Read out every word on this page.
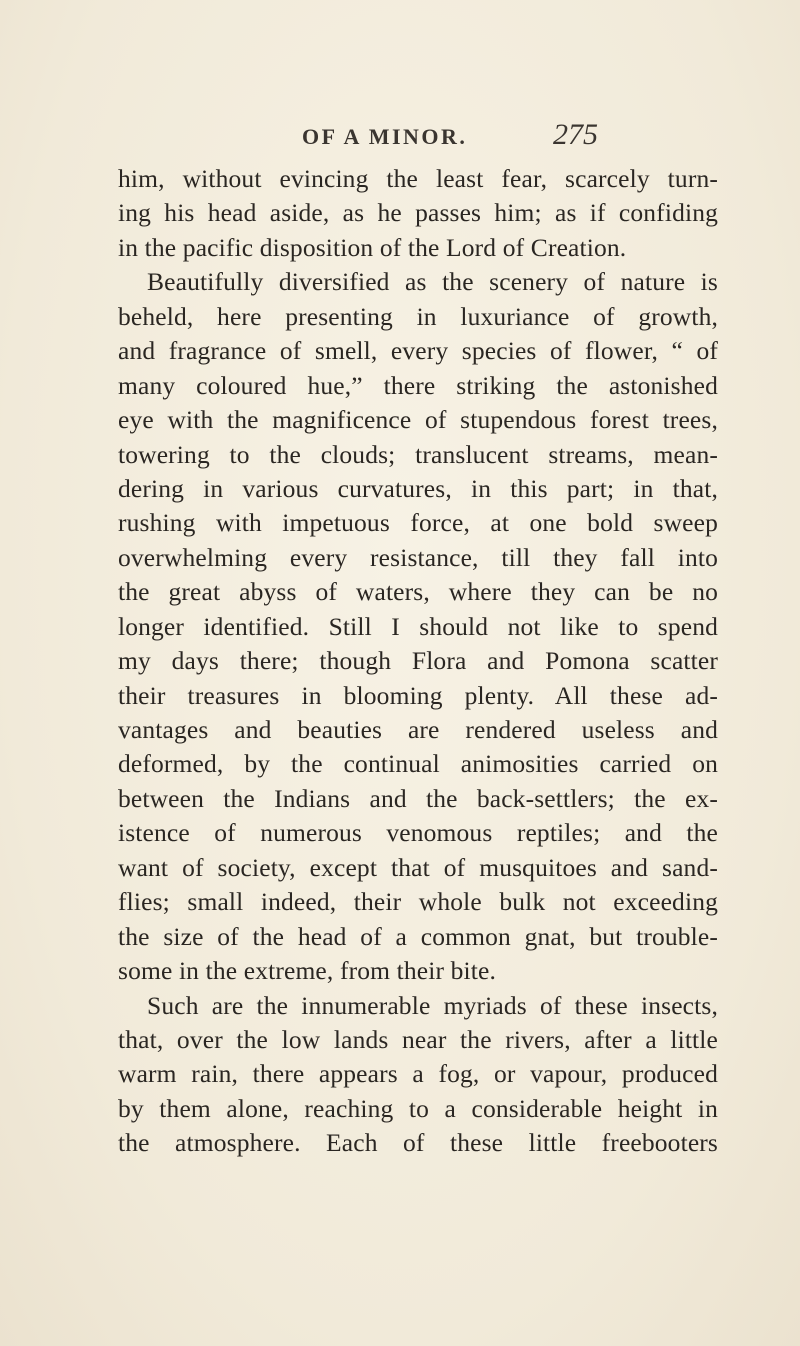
OF A MINOR.	275
him, without evincing the least fear, scarcely turn-
ing his head aside, as he passes him; as if confiding
in the pacific disposition of the Lord of Creation.
Beautifully diversified as the scenery of nature is
beheld, here presenting in luxuriance of growth,
and fragrance of smell, every species of flower, “ of
many coloured hue,” there striking the astonished
eye with the magnificence of stupendous forest trees,
towering to the clouds; translucent streams, mean-
dering in various curvatures, in this part; in that,
rushing with impetuous force, at one bold sweep
overwhelming every resistance, till they fall into
the great abyss of waters, where they can be no
longer identified. Still I should not like to spend
my days there; though Flora and Pomona scatter
their treasures in blooming plenty. All these ad-
vantages and beauties are rendered useless and
deformed, by the continual animosities carried on
between the Indians and the back-settlers; the ex-
istence of numerous venomous reptiles; and the
want of society, except that of musquitoes and sand-
flies; small indeed, their whole bulk not exceeding
the size of the head of a common gnat, but trouble-
some in the extreme, from their bite.
Such are the innumerable myriads of these insects,
that, over the low lands near the rivers, after a little
warm rain, there appears a fog, or vapour, produced
by them alone, reaching to a considerable height in
the atmosphere. Each of these little freebooters
